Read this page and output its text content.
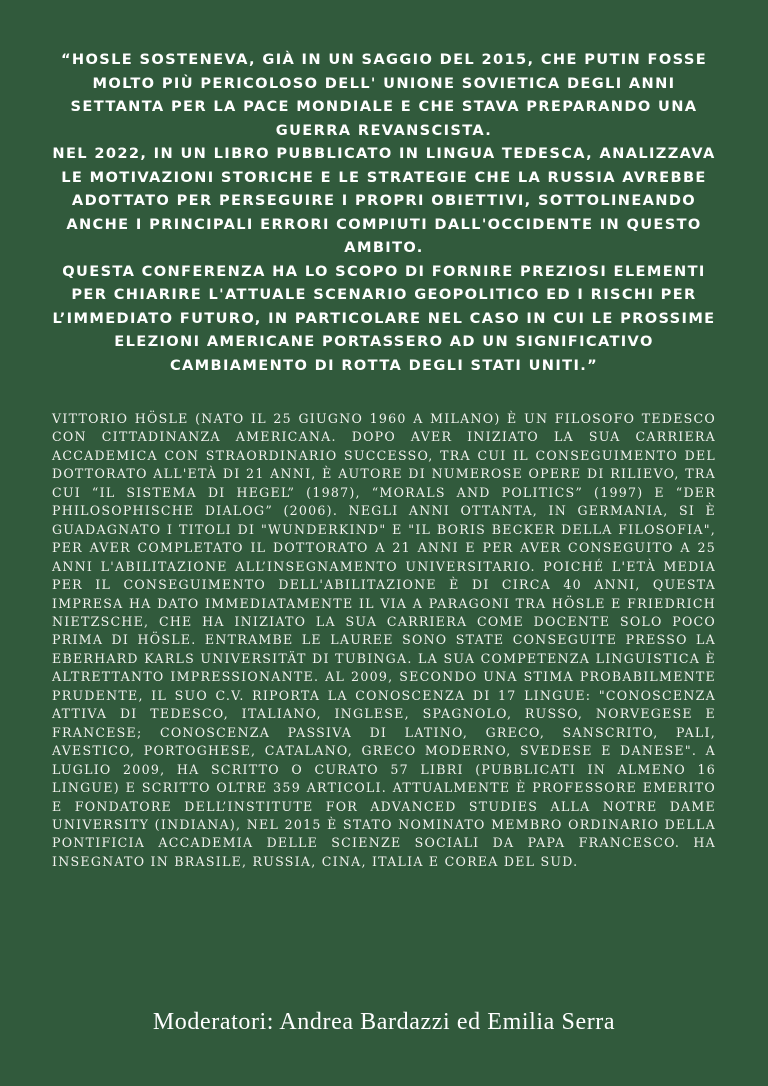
“HOSLE SOSTENEVA, GIÀ IN UN SAGGIO DEL 2015, CHE PUTIN FOSSE MOLTO PIÙ PERICOLOSO DELL' UNIONE SOVIETICA DEGLI ANNI SETTANTA PER LA PACE MONDIALE E CHE STAVA PREPARANDO UNA GUERRA REVANSCISTA.

NEL 2022, IN UN LIBRO PUBBLICATO IN LINGUA TEDESCA, ANALIZZAVA LE MOTIVAZIONI STORICHE E LE STRATEGIE CHE LA RUSSIA AVREBBE ADOTTATO PER PERSEGUIRE I PROPRI OBIETTIVI, SOTTOLINEANDO ANCHE I PRINCIPALI ERRORI COMPIUTI DALL'OCCIDENTE IN QUESTO AMBITO.

QUESTA CONFERENZA HA LO SCOPO DI FORNIRE PREZIOSI ELEMENTI PER CHIARIRE L'ATTUALE SCENARIO GEOPOLITICO ED I RISCHI PER L’IMMEDIATO FUTURO, IN PARTICOLARE NEL CASO IN CUI LE PROSSIME ELEZIONI AMERICANE PORTASSERO AD UN SIGNIFICATIVO CAMBIAMENTO DI ROTTA DEGLI STATI UNITI.”

VITTORIO HÖSLE (NATO IL 25 GIUGNO 1960 A MILANO) È UN FILOSOFO TEDESCO CON CITTADINANZA AMERICANA. DOPO AVER INIZIATO LA SUA CARRIERA ACCADEMICA CON STRAORDINARIO SUCCESSO, TRA CUI IL CONSEGUIMENTO DEL DOTTORATO ALL'ETÀ DI 21 ANNI, È AUTORE DI NUMEROSE OPERE DI RILIEVO, TRA CUI “IL SISTEMA DI HEGEL” (1987), “MORALS AND POLITICS” (1997) E “DER PHILOSOPHISCHE DIALOG” (2006). NEGLI ANNI OTTANTA, IN GERMANIA, SI È GUADAGNATO I TITOLI DI "WUNDERKIND" E "IL BORIS BECKER DELLA FILOSOFIA", PER AVER COMPLETATO IL DOTTORATO A 21 ANNI E PER AVER CONSEGUITO A 25 ANNI L'ABILITAZIONE ALL’INSEGNAMENTO UNIVERSITARIO. POICHÉ L'ETÀ MEDIA PER IL CONSEGUIMENTO DELL'ABILITAZIONE È DI CIRCA 40 ANNI, QUESTA IMPRESA HA DATO IMMEDIATAMENTE IL VIA A PARAGONI TRA HÖSLE E FRIEDRICH NIETZSCHE, CHE HA INIZIATO LA SUA CARRIERA COME DOCENTE SOLO POCO PRIMA DI HÖSLE. ENTRAMBE LE LAUREE SONO STATE CONSEGUITE PRESSO LA EBERHARD KARLS UNIVERSITÄT DI TUBINGA. LA SUA COMPETENZA LINGUISTICA È ALTRETTANTO IMPRESSIONANTE. AL 2009, SECONDO UNA STIMA PROBABILMENTE PRUDENTE, IL SUO C.V. RIPORTA LA CONOSCENZA DI 17 LINGUE: "CONOSCENZA ATTIVA DI TEDESCO, ITALIANO, INGLESE, SPAGNOLO, RUSSO, NORVEGESE E FRANCESE; CONOSCENZA PASSIVA DI LATINO, GRECO, SANSCRITO, PALI, AVESTICO, PORTOGHESE, CATALANO, GRECO MODERNO, SVEDESE E DANESE". A LUGLIO 2009, HA SCRITTO O CURATO 57 LIBRI (PUBBLICATI IN ALMENO 16 LINGUE) E SCRITTO OLTRE 359 ARTICOLI. ATTUALMENTE È PROFESSORE EMERITO E FONDATORE DELL’INSTITUTE FOR ADVANCED STUDIES ALLA NOTRE DAME UNIVERSITY (INDIANA), NEL 2015 È STATO NOMINATO MEMBRO ORDINARIO DELLA PONTIFICIA ACCADEMIA DELLE SCIENZE SOCIALI DA PAPA FRANCESCO. HA INSEGNATO IN BRASILE, RUSSIA, CINA, ITALIA E COREA DEL SUD.

Moderatori: Andrea Bardazzi ed Emilia Serra
